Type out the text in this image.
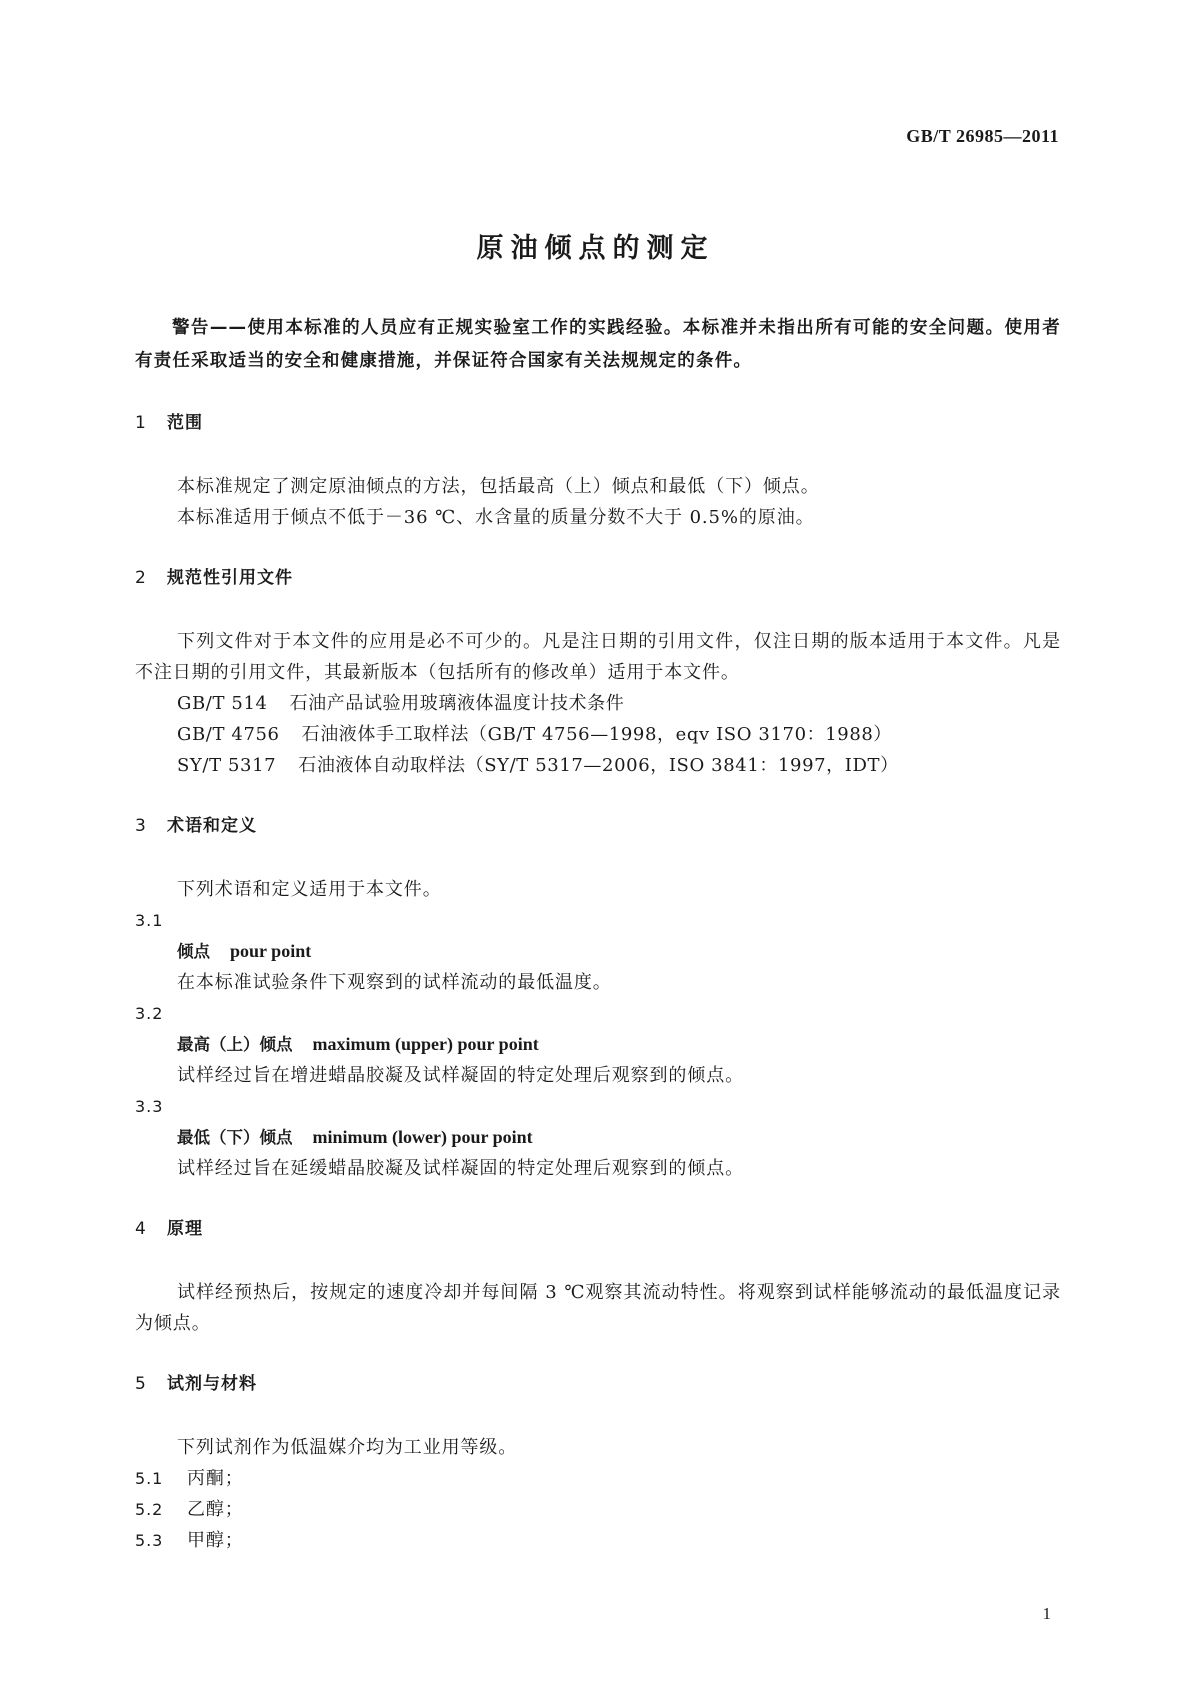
GB/T 26985—2011
原油倾点的测定
警告——使用本标准的人员应有正规实验室工作的实践经验。本标准并未指出所有可能的安全问题。使用者有责任采取适当的安全和健康措施，并保证符合国家有关法规规定的条件。
1 范围
本标准规定了测定原油倾点的方法，包括最高（上）倾点和最低（下）倾点。
本标准适用于倾点不低于－36 ℃、水含量的质量分数不大于 0.5%的原油。
2 规范性引用文件
下列文件对于本文件的应用是必不可少的。凡是注日期的引用文件，仅注日期的版本适用于本文件。凡是不注日期的引用文件，其最新版本（包括所有的修改单）适用于本文件。
GB/T 514 石油产品试验用玻璃液体温度计技术条件
GB/T 4756 石油液体手工取样法（GB/T 4756—1998，eqv ISO 3170：1988）
SY/T 5317 石油液体自动取样法（SY/T 5317—2006，ISO 3841：1997，IDT）
3 术语和定义
下列术语和定义适用于本文件。
3.1
倾点 pour point
在本标准试验条件下观察到的试样流动的最低温度。
3.2
最高（上）倾点 maximum (upper) pour point
试样经过旨在增进蜡晶胶凝及试样凝固的特定处理后观察到的倾点。
3.3
最低（下）倾点 minimum (lower) pour point
试样经过旨在延缓蜡晶胶凝及试样凝固的特定处理后观察到的倾点。
4 原理
试样经预热后，按规定的速度冷却并每间隔 3 ℃观察其流动特性。将观察到试样能够流动的最低温度记录为倾点。
5 试剂与材料
下列试剂作为低温媒介均为工业用等级。
5.1 丙酮；
5.2 乙醇；
5.3 甲醇；
1
